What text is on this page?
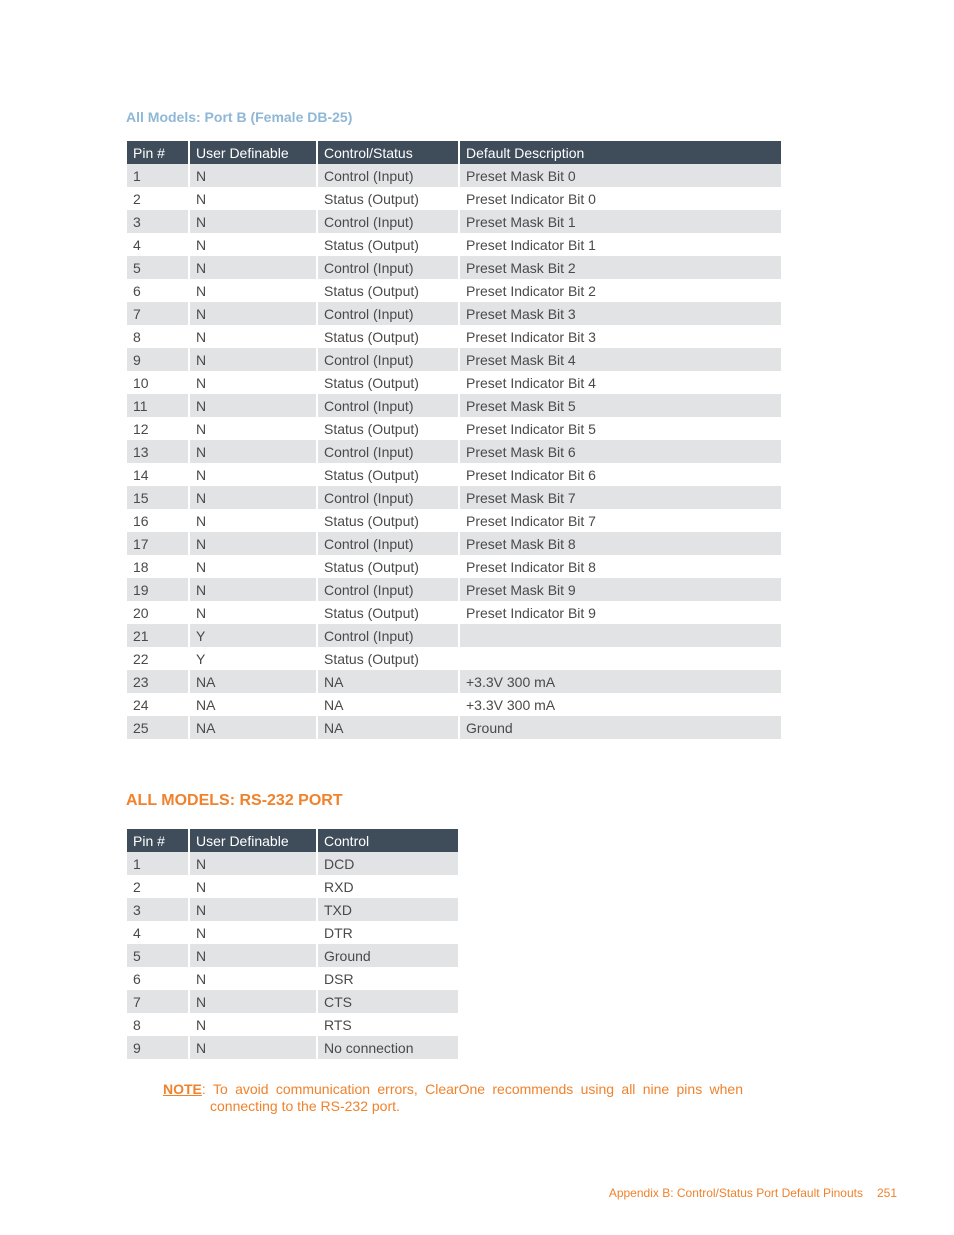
All Models: Port B (Female DB-25)
Pin #	User Definable	Control/Status	Default Description
1	N	Control (Input)	Preset Mask Bit 0
2	N	Status (Output)	Preset Indicator Bit 0
3	N	Control (Input)	Preset Mask Bit 1
4	N	Status (Output)	Preset Indicator Bit 1
5	N	Control (Input)	Preset Mask Bit 2
6	N	Status (Output)	Preset Indicator Bit 2
7	N	Control (Input)	Preset Mask Bit 3
8	N	Status (Output)	Preset Indicator Bit 3
9	N	Control (Input)	Preset Mask Bit 4
10	N	Status (Output)	Preset Indicator Bit 4
11	N	Control (Input)	Preset Mask Bit 5
12	N	Status (Output)	Preset Indicator Bit 5
13	N	Control (Input)	Preset Mask Bit 6
14	N	Status (Output)	Preset Indicator Bit 6
15	N	Control (Input)	Preset Mask Bit 7
16	N	Status (Output)	Preset Indicator Bit 7
17	N	Control (Input)	Preset Mask Bit 8
18	N	Status (Output)	Preset Indicator Bit 8
19	N	Control (Input)	Preset Mask Bit 9
20	N	Status (Output)	Preset Indicator Bit 9
21	Y	Control (Input)	
22	Y	Status (Output)	
23	NA	NA	+3.3V 300 mA
24	NA	NA	+3.3V 300 mA
25	NA	NA	Ground
ALL MODELS: RS-232 PORT
Pin #	User Definable	Control
1	N	DCD
2	N	RXD
3	N	TXD
4	N	DTR
5	N	Ground
6	N	DSR
7	N	CTS
8	N	RTS
9	N	No connection
NOTE: To avoid communication errors, ClearOne recommends using all nine pins when
connecting to the RS-232 port.
Appendix B: Control/Status Port Default Pinouts 251
